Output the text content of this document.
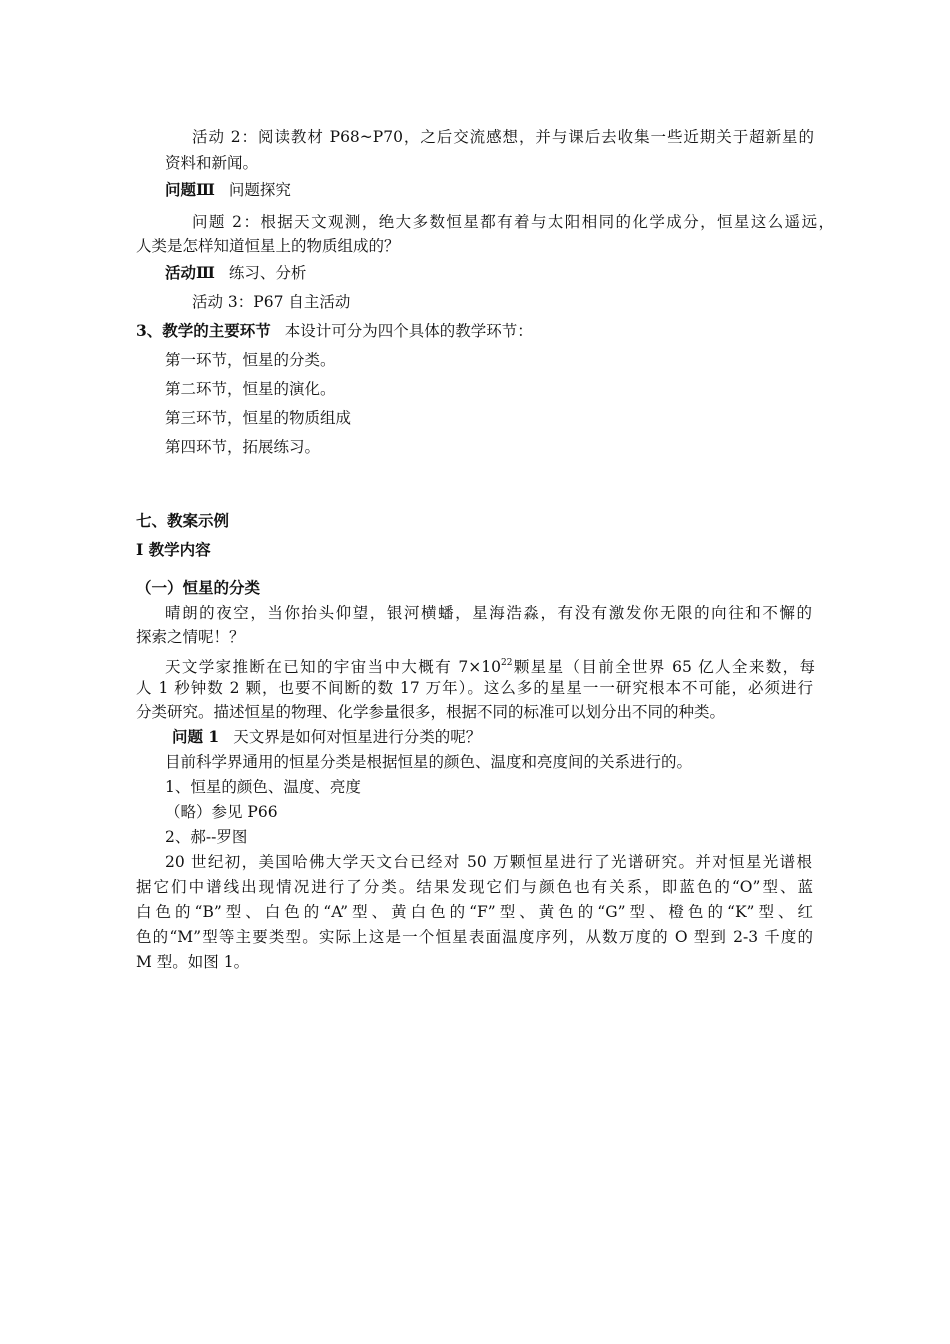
活动 2：阅读教材 P68~P70，之后交流感想，并与课后去收集一些近期关于超新星的
资料和新闻。
问题Ⅲ 问题探究
问题 2：根据天文观测，绝大多数恒星都有着与太阳相同的化学成分，恒星这么遥远，
人类是怎样知道恒星上的物质组成的？
活动Ⅲ 练习、分析
活动 3：P67 自主活动
3、教学的主要环节 本设计可分为四个具体的教学环节：
第一环节，恒星的分类。
第二环节，恒星的演化。
第三环节，恒星的物质组成
第四环节，拓展练习。
七、教案示例
Ⅰ 教学内容
（一）恒星的分类
晴朗的夜空，当你抬头仰望，银河横蟠，星海浩淼，有没有激发你无限的向往和不懈的
探索之情呢！？
天文学家推断在已知的宇宙当中大概有 $7\times 10^{22}$颗星星（目前全世界 65 亿人全来数，每
人 1 秒钟数 2 颗，也要不间断的数 17 万年）。这么多的星星一一研究根本不可能，必须进行
分类研究。描述恒星的物理、化学参量很多，根据不同的标准可以划分出不同的种类。
问题 1 天文界是如何对恒星进行分类的呢？
目前科学界通用的恒星分类是根据恒星的颜色、温度和亮度间的关系进行的。
1、恒星的颜色、温度、亮度
（略）参见 P66
2、郝--罗图
20 世纪初，美国哈佛大学天文台已经对 50 万颗恒星进行了光谱研究。并对恒星光谱根
据它们中谱线出现情况进行了分类。结果发现它们与颜色也有关系，即蓝色的“O”型、蓝
白色的“B”型、白色的“A”型、黄白色的“F”型、黄色的“G”型、橙色的“K”型、红
色的“M”型等主要类型。实际上这是一个恒星表面温度序列，从数万度的 O 型到 2-3 千度的
M 型。如图 1。
